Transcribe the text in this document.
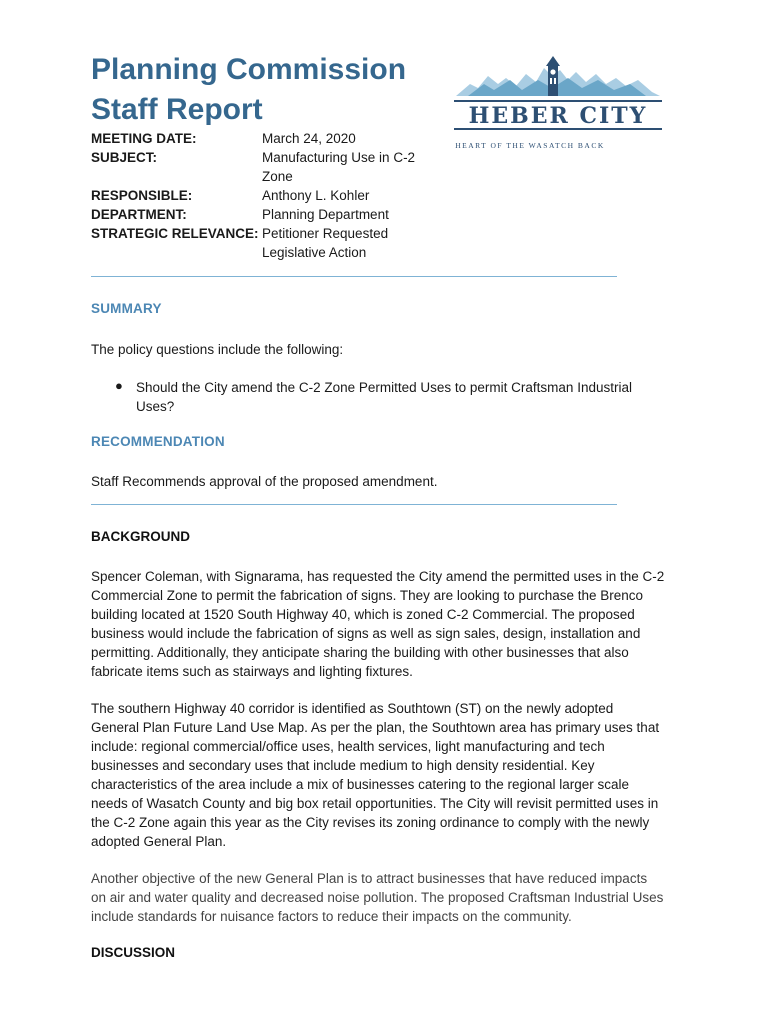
Planning Commission
Staff Report
MEETING DATE:	March 24, 2020
SUBJECT:	Manufacturing Use in C-2
Zone
RESPONSIBLE:	Anthony L. Kohler
DEPARTMENT:	Planning Department
STRATEGIC RELEVANCE: Petitioner Requested
Legislative Action
HEBER CITY
HEART OF THE WASATCH BACK
SUMMARY
The policy questions include the following:
● Should the City amend the C-2 Zone Permitted Uses to permit Craftsman Industrial
Uses?
RECOMMENDATION
Staff Recommends approval of the proposed amendment.
BACKGROUND
Spencer Coleman, with Signarama, has requested the City amend the permitted uses in the C-2
Commercial Zone to permit the fabrication of signs. They are looking to purchase the Brenco
building located at 1520 South Highway 40, which is zoned C-2 Commercial. The proposed
business would include the fabrication of signs as well as sign sales, design, installation and
permitting. Additionally, they anticipate sharing the building with other businesses that also
fabricate items such as stairways and lighting fixtures.
The southern Highway 40 corridor is identified as Southtown (ST) on the newly adopted
General Plan Future Land Use Map. As per the plan, the Southtown area has primary uses that
include: regional commercial/office uses, health services, light manufacturing and tech
businesses and secondary uses that include medium to high density residential. Key
characteristics of the area include a mix of businesses catering to the regional larger scale
needs of Wasatch County and big box retail opportunities. The City will revisit permitted uses in
the C-2 Zone again this year as the City revises its zoning ordinance to comply with the newly
adopted General Plan.
Another objective of the new General Plan is to attract businesses that have reduced impacts
on air and water quality and decreased noise pollution. The proposed Craftsman Industrial Uses
include standards for nuisance factors to reduce their impacts on the community.
DISCUSSION
